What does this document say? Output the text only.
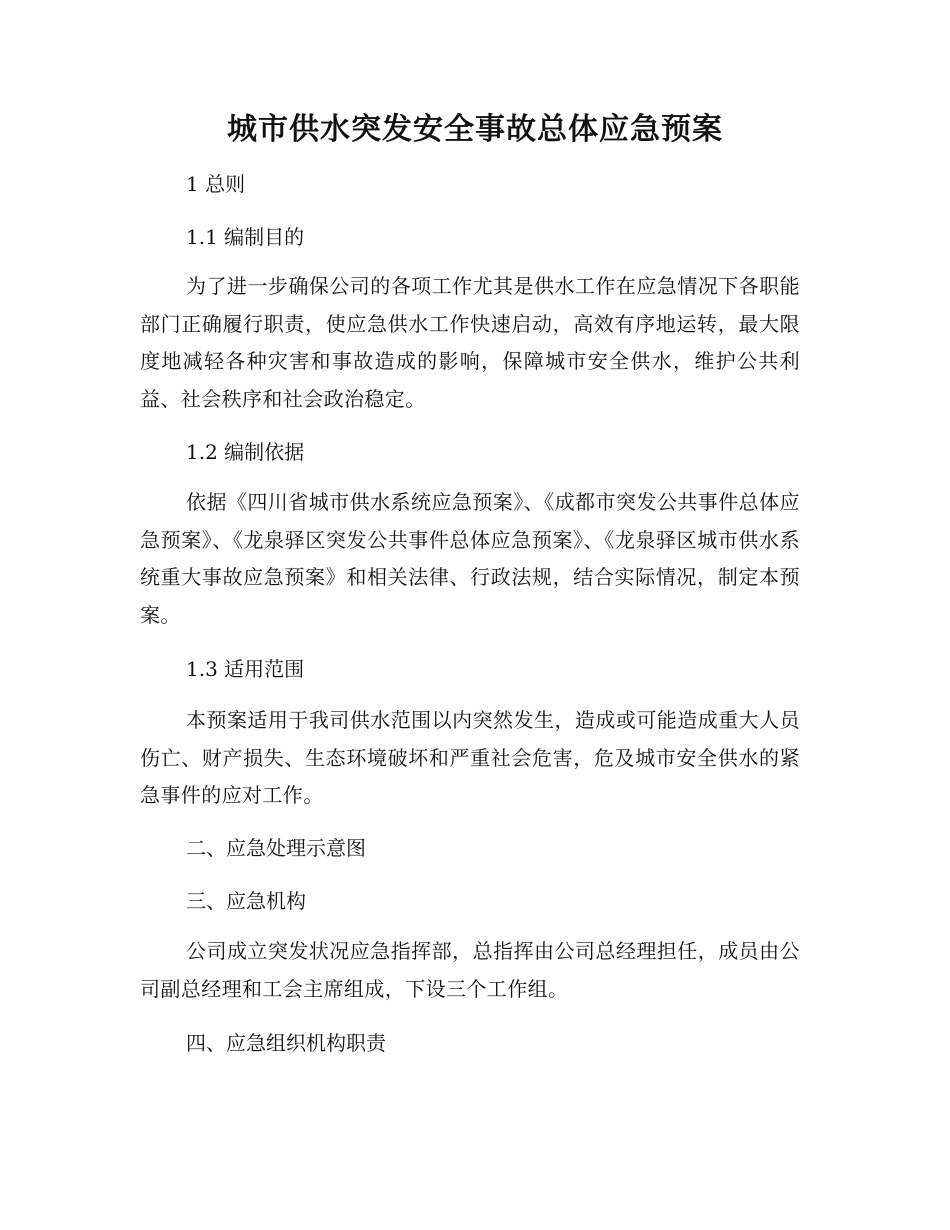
城市供水突发安全事故总体应急预案
1 总则
1.1 编制目的

为了进一步确保公司的各项工作尤其是供水工作在应急情况下各职能部门正确履行职责，使应急供水工作快速启动，高效有序地运转，最大限度地减轻各种灾害和事故造成的影响，保障城市安全供水，维护公共利益、社会秩序和社会政治稳定。

1.2 编制依据

依据《四川省城市供水系统应急预案》、《成都市突发公共事件总体应急预案》、《龙泉驿区突发公共事件总体应急预案》、《龙泉驿区城市供水系统重大事故应急预案》和相关法律、行政法规，结合实际情况，制定本预案。

1.3 适用范围

本预案适用于我司供水范围以内突然发生，造成或可能造成重大人员伤亡、财产损失、生态环境破坏和严重社会危害，危及城市安全供水的紧急事件的应对工作。

二、应急处理示意图
三、应急机构

公司成立突发状况应急指挥部，总指挥由公司总经理担任，成员由公司副总经理和工会主席组成，下设三个工作组。

四、应急组织机构职责
